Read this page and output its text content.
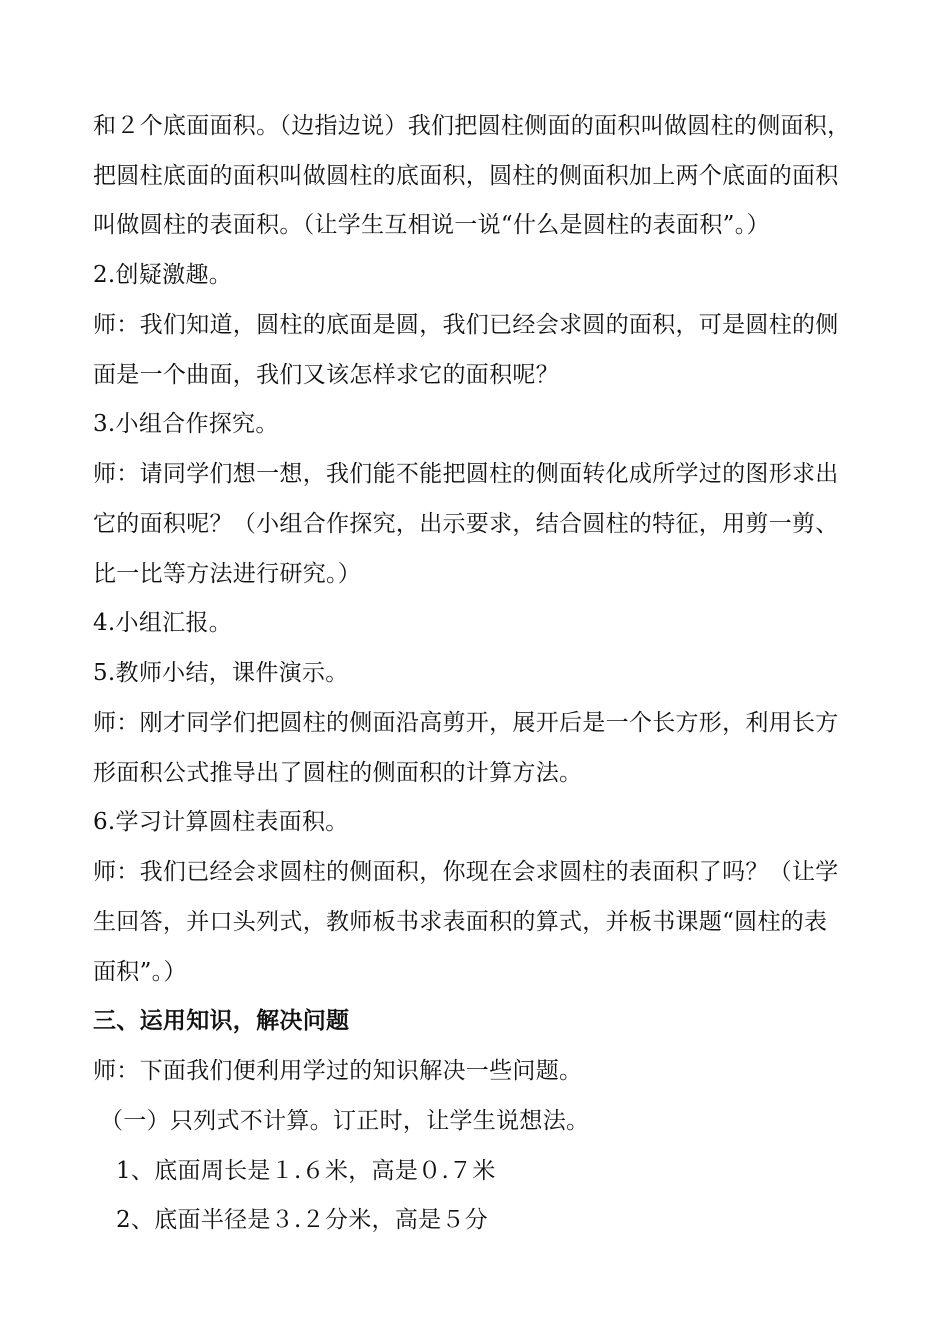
和２个底面面积。（边指边说）我们把圆柱侧面的面积叫做圆柱的侧面积，
把圆柱底面的面积叫做圆柱的底面积，圆柱的侧面积加上两个底面的面积
叫做圆柱的表面积。（让学生互相说一说“什么是圆柱的表面积”。）
2.创疑激趣。
师：我们知道，圆柱的底面是圆，我们已经会求圆的面积，可是圆柱的侧
面是一个曲面，我们又该怎样求它的面积呢？
3.小组合作探究。
师：请同学们想一想，我们能不能把圆柱的侧面转化成所学过的图形求出
它的面积呢？（小组合作探究，出示要求，结合圆柱的特征，用剪一剪、
比一比等方法进行研究。）
4.小组汇报。
5.教师小结，课件演示。
师：刚才同学们把圆柱的侧面沿高剪开，展开后是一个长方形，利用长方
形面积公式推导出了圆柱的侧面积的计算方法。
6.学习计算圆柱表面积。
师：我们已经会求圆柱的侧面积，你现在会求圆柱的表面积了吗？（让学
生回答，并口头列式，教师板书求表面积的算式，并板书课题“圆柱的表
面积”。）
三、运用知识，解决问题
师：下面我们便利用学过的知识解决一些问题。
（一）只列式不计算。订正时，让学生说想法。
1、底面周长是１.６米，高是０.７米
2、底面半径是３.２分米，高是５分
